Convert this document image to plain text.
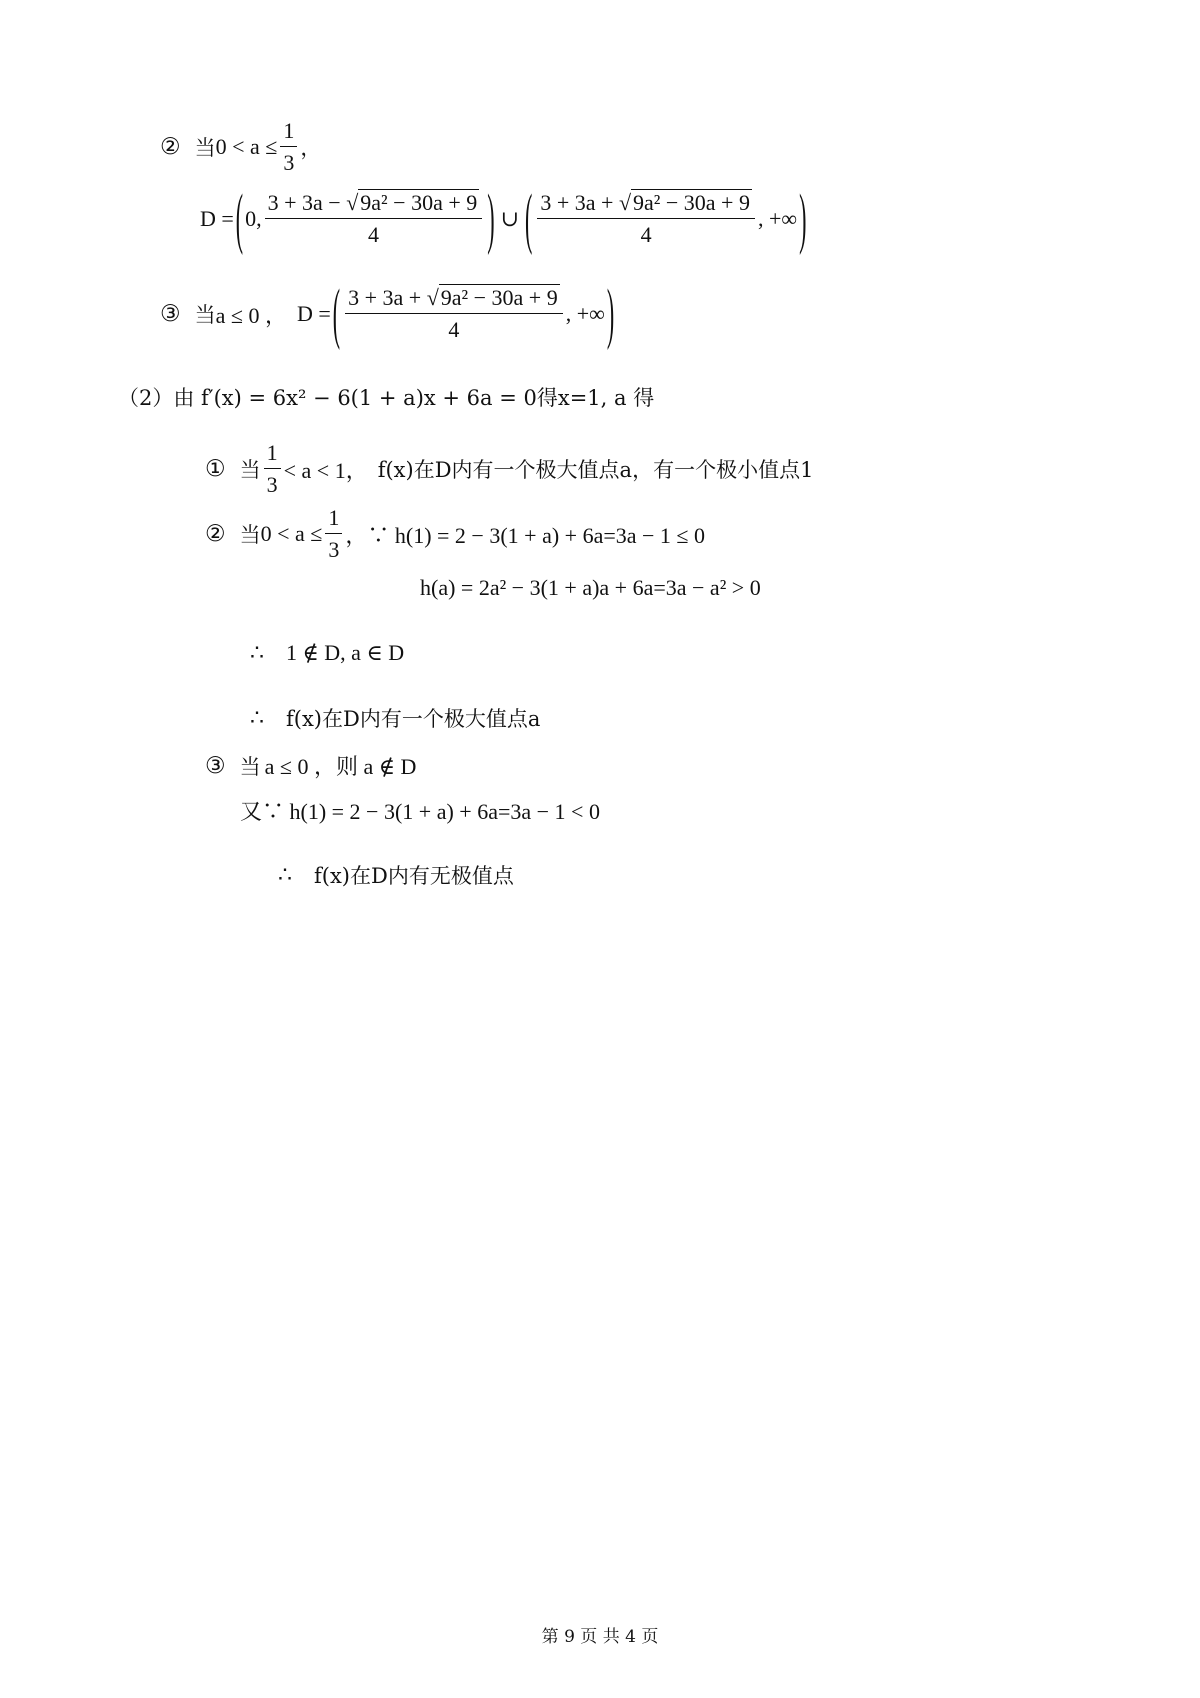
② 当 $0 < a \le \frac{1}{3}$ ，
D = ( 0, $\frac{\text{3 + 3a − √9a² − 30a + 9}}{4}$ ) ∪ ( $\frac{\text{3 + 3a + √9a² − 30a + 9}}{4}$ , +∞ )
③ 当 a ≤ 0 ， D = ( $\frac{\text{3 + 3a + √9a² − 30a + 9}}{4}$ , +∞ )
（2）由 f′(x) = 6x² − 6(1 + a)x + 6a = 0得x=1, a 得
① 当 $\frac{1}{3} < a < 1$， f(x)在D内有一个极大值点a，有一个极小值点1
② 当 $0 < a \le \frac{1}{3}$ ，∵ h(1) = 2 − 3(1 + a) + 6a=3a − 1 ≤ 0
h(a) = 2a² − 3(1 + a)a + 6a=3a − a² > 0
∴ 1 ∉ D, a ∈ D
∴ f(x)在D内有一个极大值点a
③ 当 a ≤ 0 ，则 a ∉ D
又∵ h(1) = 2 − 3(1 + a) + 6a=3a − 1 < 0
∴ f(x)在D内有无极值点
第 9 页 共 4 页
